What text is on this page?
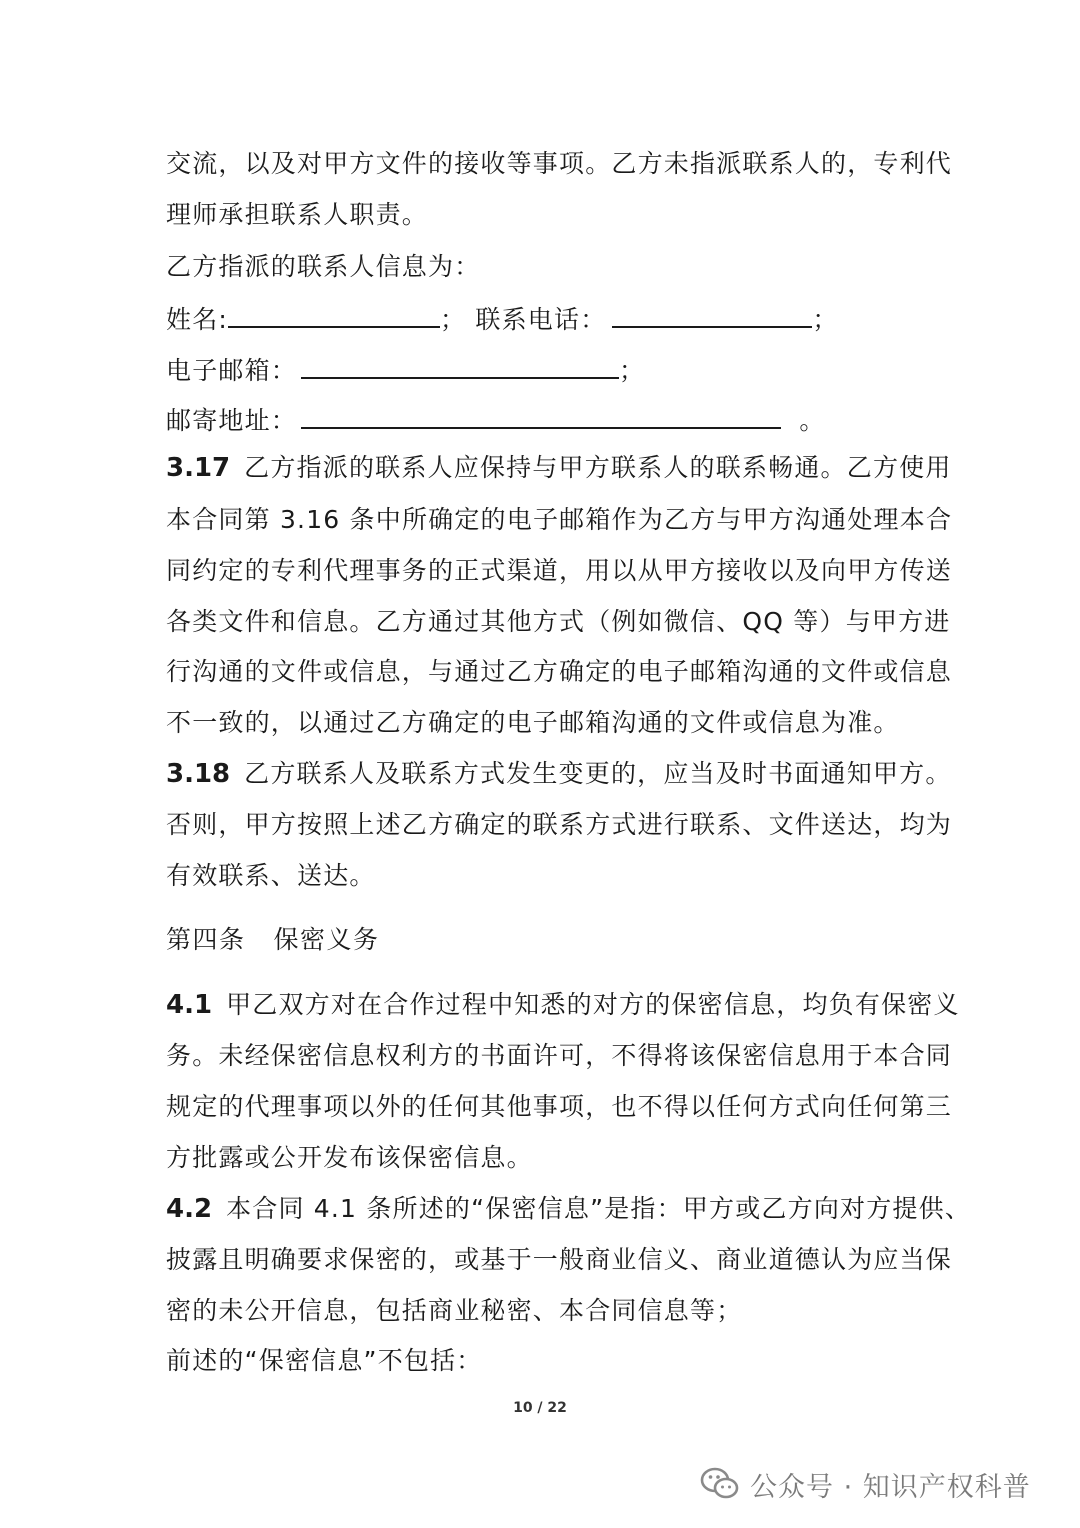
交流，以及对甲方文件的接收等事项。乙方未指派联系人的，专利代
理师承担联系人职责。
乙方指派的联系人信息为：
姓名:	； 联系电话：	；
电子邮箱：	；
邮寄地址：	。
3.17 乙方指派的联系人应保持与甲方联系人的联系畅通。乙方使用
本合同第 3.16 条中所确定的电子邮箱作为乙方与甲方沟通处理本合
同约定的专利代理事务的正式渠道，用以从甲方接收以及向甲方传送
各类文件和信息。乙方通过其他方式（例如微信、QQ 等）与甲方进
行沟通的文件或信息，与通过乙方确定的电子邮箱沟通的文件或信息
不一致的，以通过乙方确定的电子邮箱沟通的文件或信息为准。
3.18 乙方联系人及联系方式发生变更的，应当及时书面通知甲方。
否则，甲方按照上述乙方确定的联系方式进行联系、文件送达，均为
有效联系、送达。
第四条 保密义务
4.1 甲乙双方对在合作过程中知悉的对方的保密信息，均负有保密义
务。未经保密信息权利方的书面许可，不得将该保密信息用于本合同
规定的代理事项以外的任何其他事项，也不得以任何方式向任何第三
方批露或公开发布该保密信息。
4.2 本合同 4.1 条所述的“保密信息”是指：甲方或乙方向对方提供、
披露且明确要求保密的，或基于一般商业信义、商业道德认为应当保
密的未公开信息，包括商业秘密、本合同信息等；
前述的“保密信息”不包括：
10 / 22
公众号 · 知识产权科普
